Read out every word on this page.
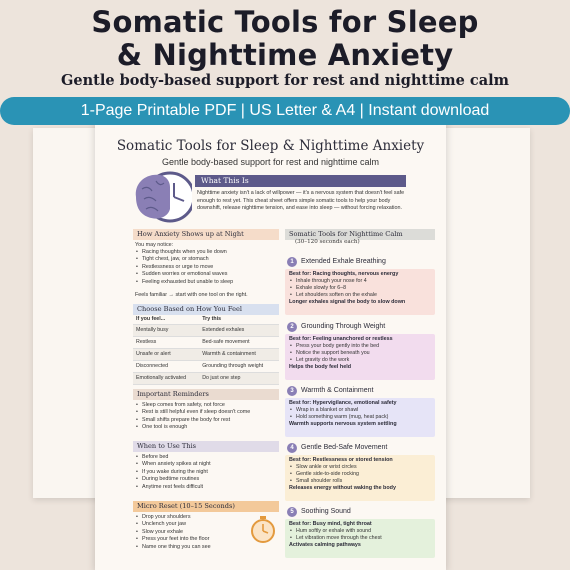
Somatic Tools for Sleep
& Nighttime Anxiety
Gentle body-based support for rest and nighttime calm
Somatic Tools for Sleep & Nighttime Anxiety
Gentle body-based support for rest and nighttime calm
What This Is
Nighttime anxiety isn't a lack of willpower — it's a nervous system that doesn't feel safe enough to rest yet. This cheat sheet offers simple somatic tools to help your body downshift, release nighttime tension, and ease into sleep — without forcing relaxation.
How Anxiety Shows up at Night
You may notice:
• Racing thoughts when you lie down
• Tight chest, jaw, or stomach
• Restlessness or urge to move
• Sudden worries or emotional waves
• Feeling exhausted but unable to sleep
Feels familiar → start with one tool on the right.
Choose Based on How You Feel
If you feel...	Try this
Mentally busy	Extended exhales
Restless	Bed-safe movement
Unsafe or alert	Warmth & containment
Disconnected	Grounding through weight
Emotionally activated	Do just one step
Important Reminders
• Sleep comes from safety, not force
• Rest is still helpful even if sleep doesn't come
• Small shifts prepare the body for rest
• One tool is enough
When to Use This
• Before bed
• When anxiety spikes at night
• If you wake during the night
• During bedtime routines
• Anytime rest feels difficult
Micro Reset (10–15 Seconds)
• Drop your shoulders
• Unclench your jaw
• Slow your exhale
• Press your feet into the floor
• Name one thing you can see
Somatic Tools for Nighttime Calm
(30–120 seconds each)
1	Extended Exhale Breathing
Best for: Racing thoughts, nervous energy
• Inhale through your nose for 4
• Exhale slowly for 6–8
• Let shoulders soften on the exhale
Longer exhales signal the body to slow down
2	Grounding Through Weight
Best for: Feeling unanchored or restless
• Press your body gently into the bed
• Notice the support beneath you
• Let gravity do the work
Helps the body feel held
3	Warmth & Containment
Best for: Hypervigilance, emotional safety
• Wrap in a blanket or shawl
• Hold something warm (mug, heat pack)
Warmth supports nervous system settling
4	Gentle Bed-Safe Movement
Best for: Restlessness or stored tension
• Slow ankle or wrist circles
• Gentle side-to-side rocking
• Small shoulder rolls
Releases energy without waking the body
5	Soothing Sound
Best for: Busy mind, tight throat
• Hum softly or exhale with sound
• Let vibration move through the chest
Activates calming pathways
1-Page Printable PDF | US Letter & A4 | Instant download
